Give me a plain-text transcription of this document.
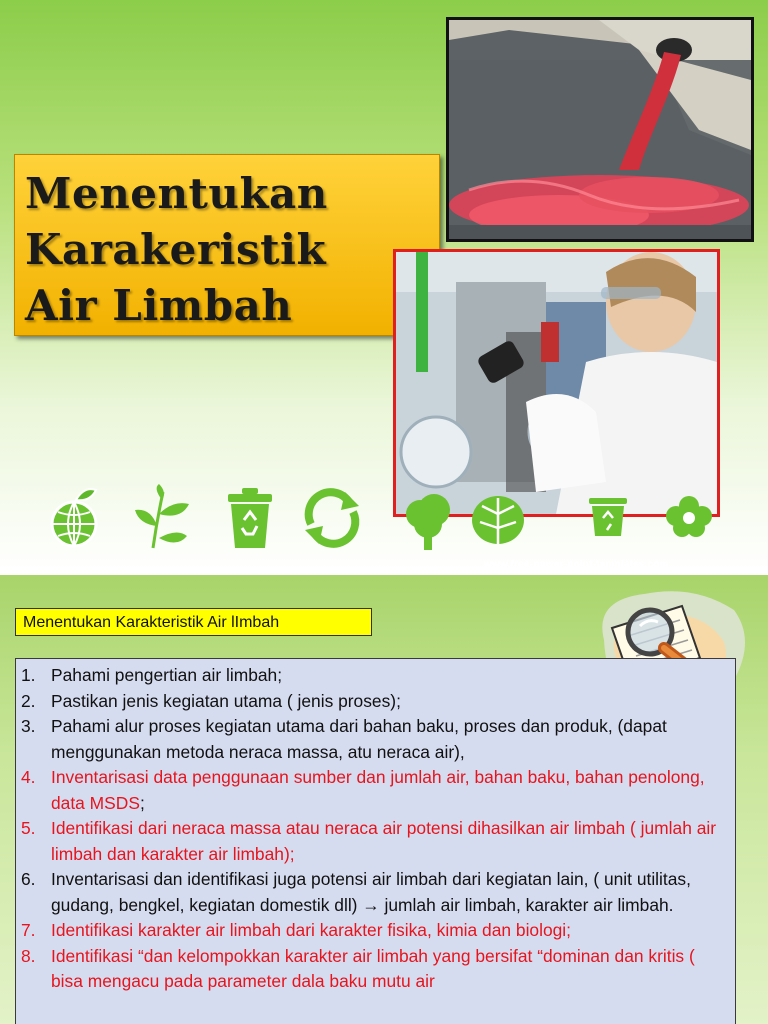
Menentukan
Karakeristik
Air Limbah
www.free-power-point-templates.com
Menentukan Karakteristik Air lImbah
1. Pahami pengertian air limbah;
2. Pastikan jenis kegiatan utama ( jenis proses);
3. Pahami alur proses kegiatan utama dari bahan baku, proses dan produk, (dapat menggunakan metoda neraca massa, atu neraca air),
4. Inventarisasi data penggunaan sumber dan jumlah air, bahan baku, bahan penolong, data MSDS;
5. Identifikasi dari neraca massa atau neraca air potensi dihasilkan air limbah ( jumlah air limbah dan karakter air limbah);
6. Inventarisasi dan identifikasi juga potensi air limbah dari kegiatan lain, ( unit utilitas, gudang, bengkel, kegiatan domestik dll) → jumlah air limbah, karakter air limbah.
7. Identifikasi karakter air limbah dari karakter fisika, kimia dan biologi;
8. Identifikasi “dan kelompokkan karakter air limbah yang bersifat “dominan dan kritis ( bisa mengacu pada parameter dala baku mutu air
